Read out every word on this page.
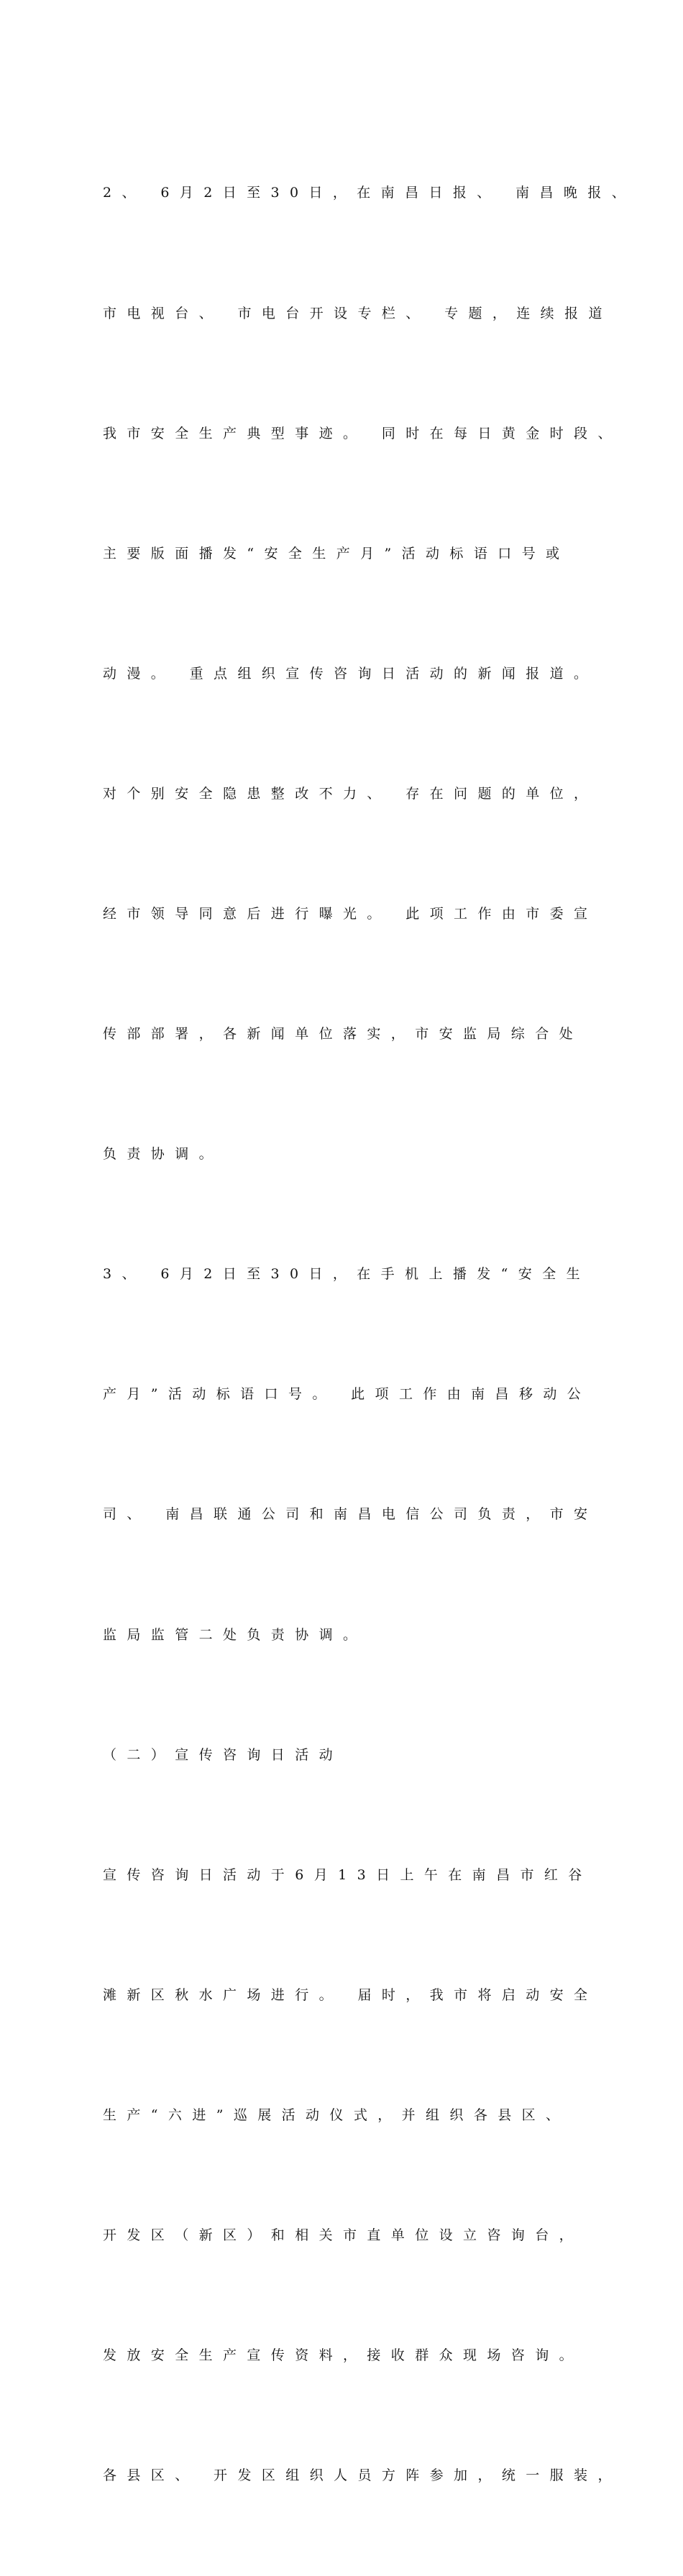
2、 6月2日至30日，在南昌日报、 南昌晚报、

市电视台、 市电台开设专栏、 专题，连续报道

我市安全生产典型事迹。 同时在每日黄金时段、

主要版面播发“安全生产月”活动标语口号或

动漫。 重点组织宣传咨询日活动的新闻报道。

对个别安全隐患整改不力、 存在问题的单位，

经市领导同意后进行曝光。 此项工作由市委宣

传部部署，各新闻单位落实，市安监局综合处

负责协调。

3、 6月2日至30日，在手机上播发“安全生

产月”活动标语口号。 此项工作由南昌移动公

司、 南昌联通公司和南昌电信公司负责，市安

监局监管二处负责协调。

（二）宣传咨询日活动

宣传咨询日活动于6月13日上午在南昌市红谷

滩新区秋水广场进行。 届时，我市将启动安全

生产“六进”巡展活动仪式，并组织各县区、

开发区（新区）和相关市直单位设立咨询台，

发放安全生产宣传资料，接收群众现场咨询。

各县区、 开发区组织人员方阵参加，统一服装，
